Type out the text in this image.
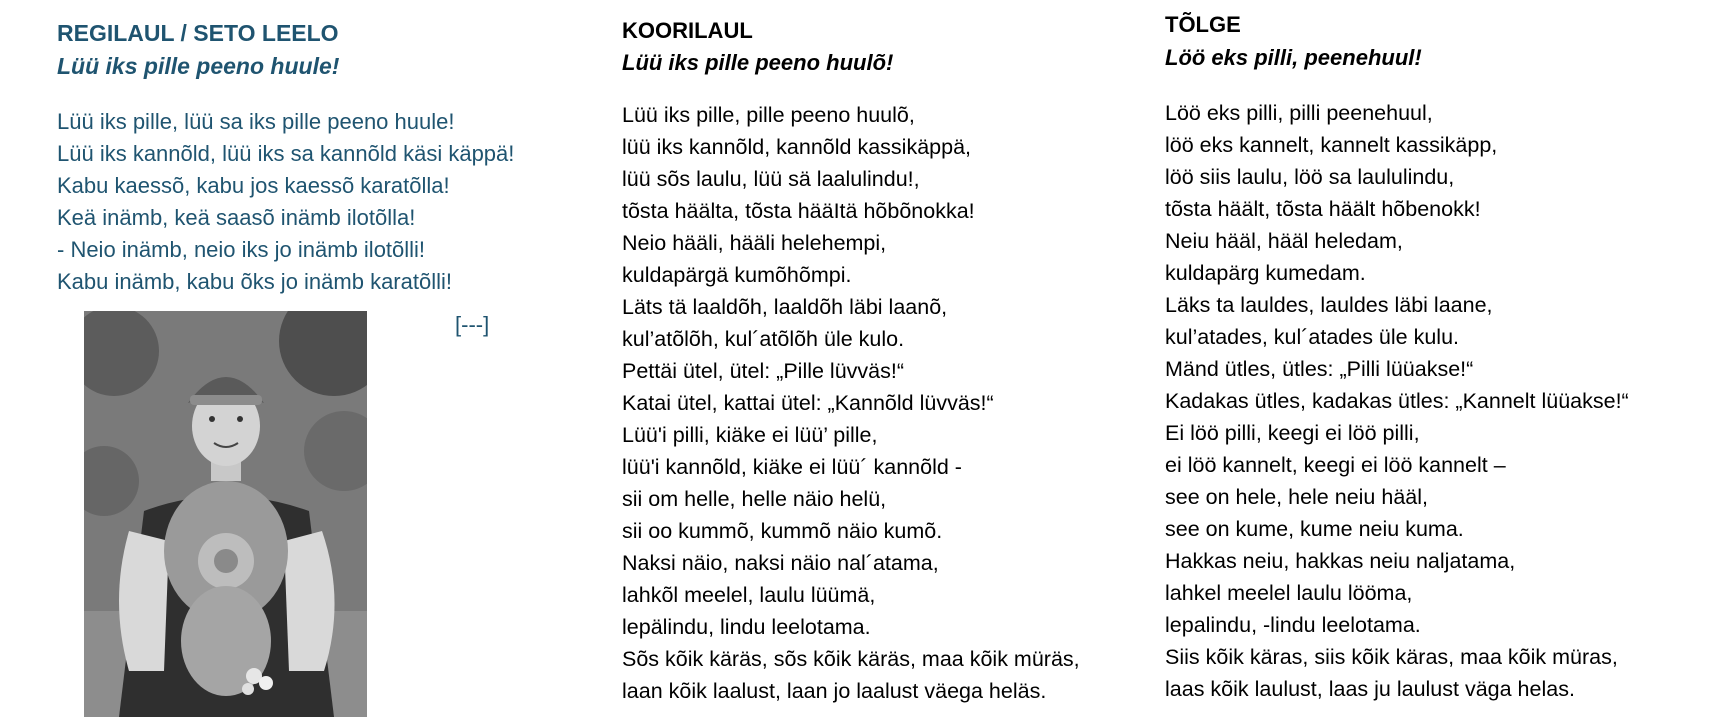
REGILAUL / SETO LEELO
Lüü iks pille peeno huule!
Lüü iks pille, lüü sa iks pille peeno huule!
Lüü iks kannõld, lüü iks sa kannõld käsi käppä!
Kabu kaessõ, kabu jos kaessõ karatõlla!
Keä inämb, keä saasõ inämb ilotõlla!
- Neio inämb, neio iks jo inämb ilotõlli!
Kabu inämb, kabu õks jo inämb karatõlli!
[---]
KOORILAUL
Lüü iks pille peeno huulõ!
Lüü iks pille, pille peeno huulõ,
lüü iks kannõld, kannõld kassikäppä,
lüü sõs laulu, lüü sä laalulindu!,
tõsta häälta, tõsta hääItä hõbõnokka!
Neio hääli, hääli helehempi,
kuldapärgä kumõhõmpi.
Läts tä laaldõh, laaldõh läbi laanõ,
kul’atõlõh, kul´atõlõh üle kulo.
Pettäi ütel, ütel: „Pille lüvväs!“
Katai ütel, kattai ütel: „Kannõld lüvväs!“
Lüü'i pilli, kiäke ei lüü’ pille,
lüü'i kannõld, kiäke ei lüü´ kannõld -
sii om helle, helle näio helü,
sii oo kummõ, kummõ näio kumõ.
Naksi näio, naksi näio nal´atama,
lahkõl meelel, laulu lüümä,
lepälindu, lindu leelotama.
Sõs kõik käräs, sõs kõik käräs, maa kõik müräs,
laan kõik laalust, laan jo laalust väega heläs.
TÕLGE
Löö eks pilli, peenehuul!
Löö eks pilli, pilli peenehuul,
löö eks kannelt, kannelt kassikäpp,
löö siis laulu, löö sa laululindu,
tõsta häält, tõsta häält hõbenokk!
Neiu hääl, hääl heledam,
kuldapärg kumedam.
Läks ta lauldes, lauldes läbi laane,
kul’atades, kul´atades üle kulu.
Mänd ütles, ütles: „Pilli lüüakse!“
Kadakas ütles, kadakas ütles: „Kannelt lüüakse!“
Ei löö pilli, keegi ei löö pilli,
ei löö kannelt, keegi ei löö kannelt –
see on hele, hele neiu hääl,
see on kume, kume neiu kuma.
Hakkas neiu, hakkas neiu naljatama,
lahkel meelel laulu lööma,
lepalindu, -lindu leelotama.
Siis kõik käras, siis kõik käras, maa kõik müras,
laas kõik laulust, laas ju laulust väga helas.
